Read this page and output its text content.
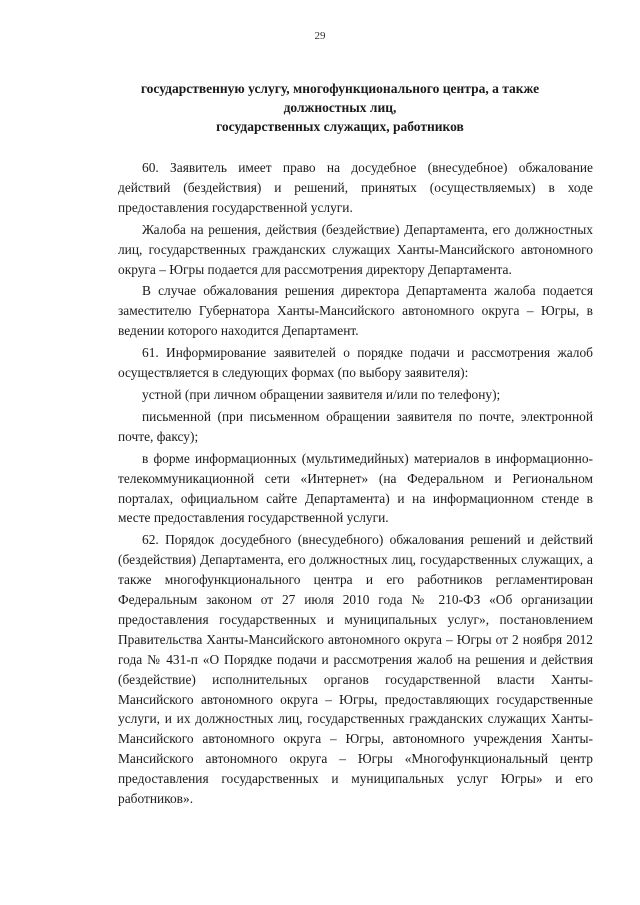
29
государственную услугу, многофункционального центра, а также
должностных лиц,
государственных служащих, работников

60. Заявитель имеет право на досудебное (внесудебное) обжалование действий (бездействия) и решений, принятых (осуществляемых) в ходе предоставления государственной услуги.

Жалоба на решения, действия (бездействие) Департамента, его должностных лиц, государственных гражданских служащих Ханты-Мансийского автономного округа – Югры подается для рассмотрения директору Департамента.

В случае обжалования решения директора Департамента жалоба подается заместителю Губернатора Ханты-Мансийского автономного округа – Югры, в ведении которого находится Департамент.

61. Информирование заявителей о порядке подачи и рассмотрения жалоб осуществляется в следующих формах (по выбору заявителя):

устной (при личном обращении заявителя и/или по телефону);

письменной (при письменном обращении заявителя по почте, электронной почте, факсу);

в форме информационных (мультимедийных) материалов в информационно-телекоммуникационной сети «Интернет» (на Федеральном и Региональном порталах, официальном сайте Департамента) и на информационном стенде в месте предоставления государственной услуги.

62. Порядок досудебного (внесудебного) обжалования решений и действий (бездействия) Департамента, его должностных лиц, государственных служащих, а также многофункционального центра и его работников регламентирован Федеральным законом от 27 июля 2010 года № 210-ФЗ «Об организации предоставления государственных и муниципальных услуг», постановлением Правительства Ханты-Мансийского автономного округа – Югры от 2 ноября 2012 года № 431-п «О Порядке подачи и рассмотрения жалоб на решения и действия (бездействие) исполнительных органов государственной власти Ханты-Мансийского автономного округа – Югры, предоставляющих государственные услуги, и их должностных лиц, государственных гражданских служащих Ханты-Мансийского автономного округа – Югры, автономного учреждения Ханты-Мансийского автономного округа – Югры «Многофункциональный центр предоставления государственных и муниципальных услуг Югры» и его работников».
